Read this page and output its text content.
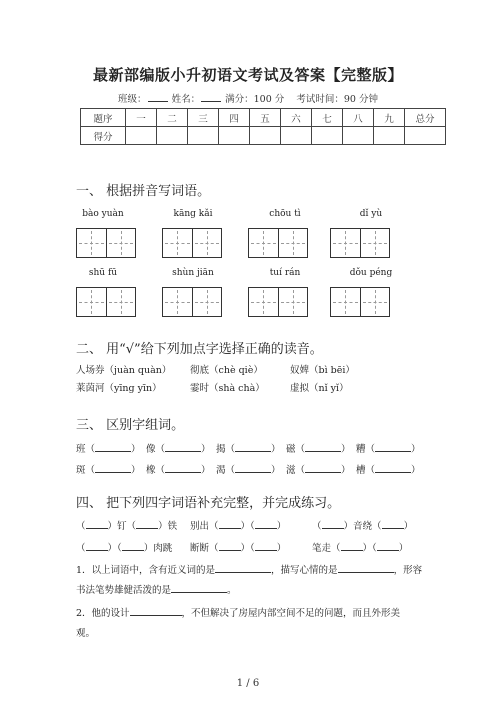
最新部编版小升初语文考试及答案【完整版】
班级：	姓名：	满分：100 分 考试时间：90 分钟
题序	一	二	三	四	五	六	七	八	九	总分
得分										
一、 根据拼音写词语。
bào yuàn	kāng kǎi	chōu tì	dǐ yù
shū fū	shùn jiān	tuí rán	dǒu péng
二、 用“√”给下列加点字选择正确的读音。
人场券（juàn quàn） 彻底（chè qiè）	奴婢（bì bēi）
莱茵河（yīng yīn）	霎时（shà chà）	虚拟（nǐ yǐ）
三、 区别字组词。
班（	） 像（	） 揭（	） 磁（	） 糟（	）
斑（	） 橡（	） 渴（	） 滋（	） 槽（	）
四、 把下列四字词语补充完整，并完成练习。
（ ）钉（ ）铁 别出（ ）（ ）	（ ）音绕（ ）
（ ）（ ）肉跳 断断（ ）（ ）	笔走（ ）（ ）
1．以上词语中，含有近义词的是	，描写心情的是	，形容
书法笔势雄健活泼的是	。
2．他的设计	，不但解决了房屋内部空间不足的问题，而且外形美
观。
1 / 6
